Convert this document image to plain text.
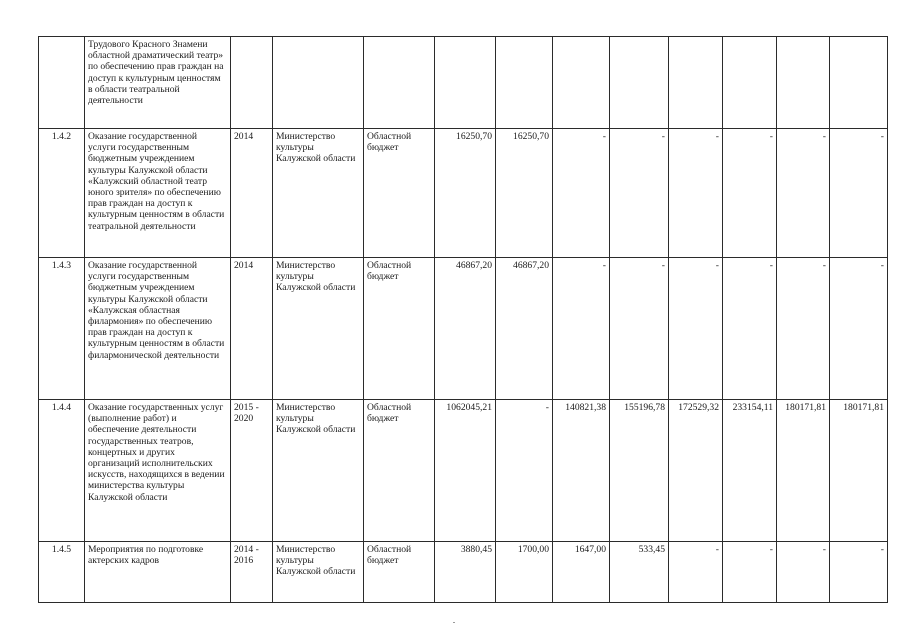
	Трудового Красного Знамени областной драматический театр» по обеспечению прав граждан на доступ к культурным ценностям в области театральной деятельности											
1.4.2	Оказание государственной услуги государственным бюджетным учреждением культуры Калужской области «Калужский областной театр юного зрителя» по обеспечению прав граждан на доступ к культурным ценностям в области театральной деятельности	2014	Министерство культуры Калужской области	Областной бюджет	16250,70	16250,70	-	-	-	-	-	-
1.4.3	Оказание государственной услуги государственным бюджетным учреждением культуры Калужской области «Калужская областная филармония» по обеспечению прав граждан на доступ к культурным ценностям в области филармонической деятельности	2014	Министерство культуры Калужской области	Областной бюджет	46867,20	46867,20	-	-	-	-	-	-
1.4.4	Оказание государственных услуг (выполнение работ) и обеспечение деятельности государственных театров, концертных и других организаций исполнительских искусств, находящихся в ведении министерства культуры Калужской области	2015 - 2020	Министерство культуры Калужской области	Областной бюджет	1062045,21	-	140821,38	155196,78	172529,32	233154,11	180171,81	180171,81
1.4.5	Мероприятия по подготовке актерских кадров	2014 - 2016	Министерство культуры Калужской области	Областной бюджет	3880,45	1700,00	1647,00	533,45	-	-	-	-
